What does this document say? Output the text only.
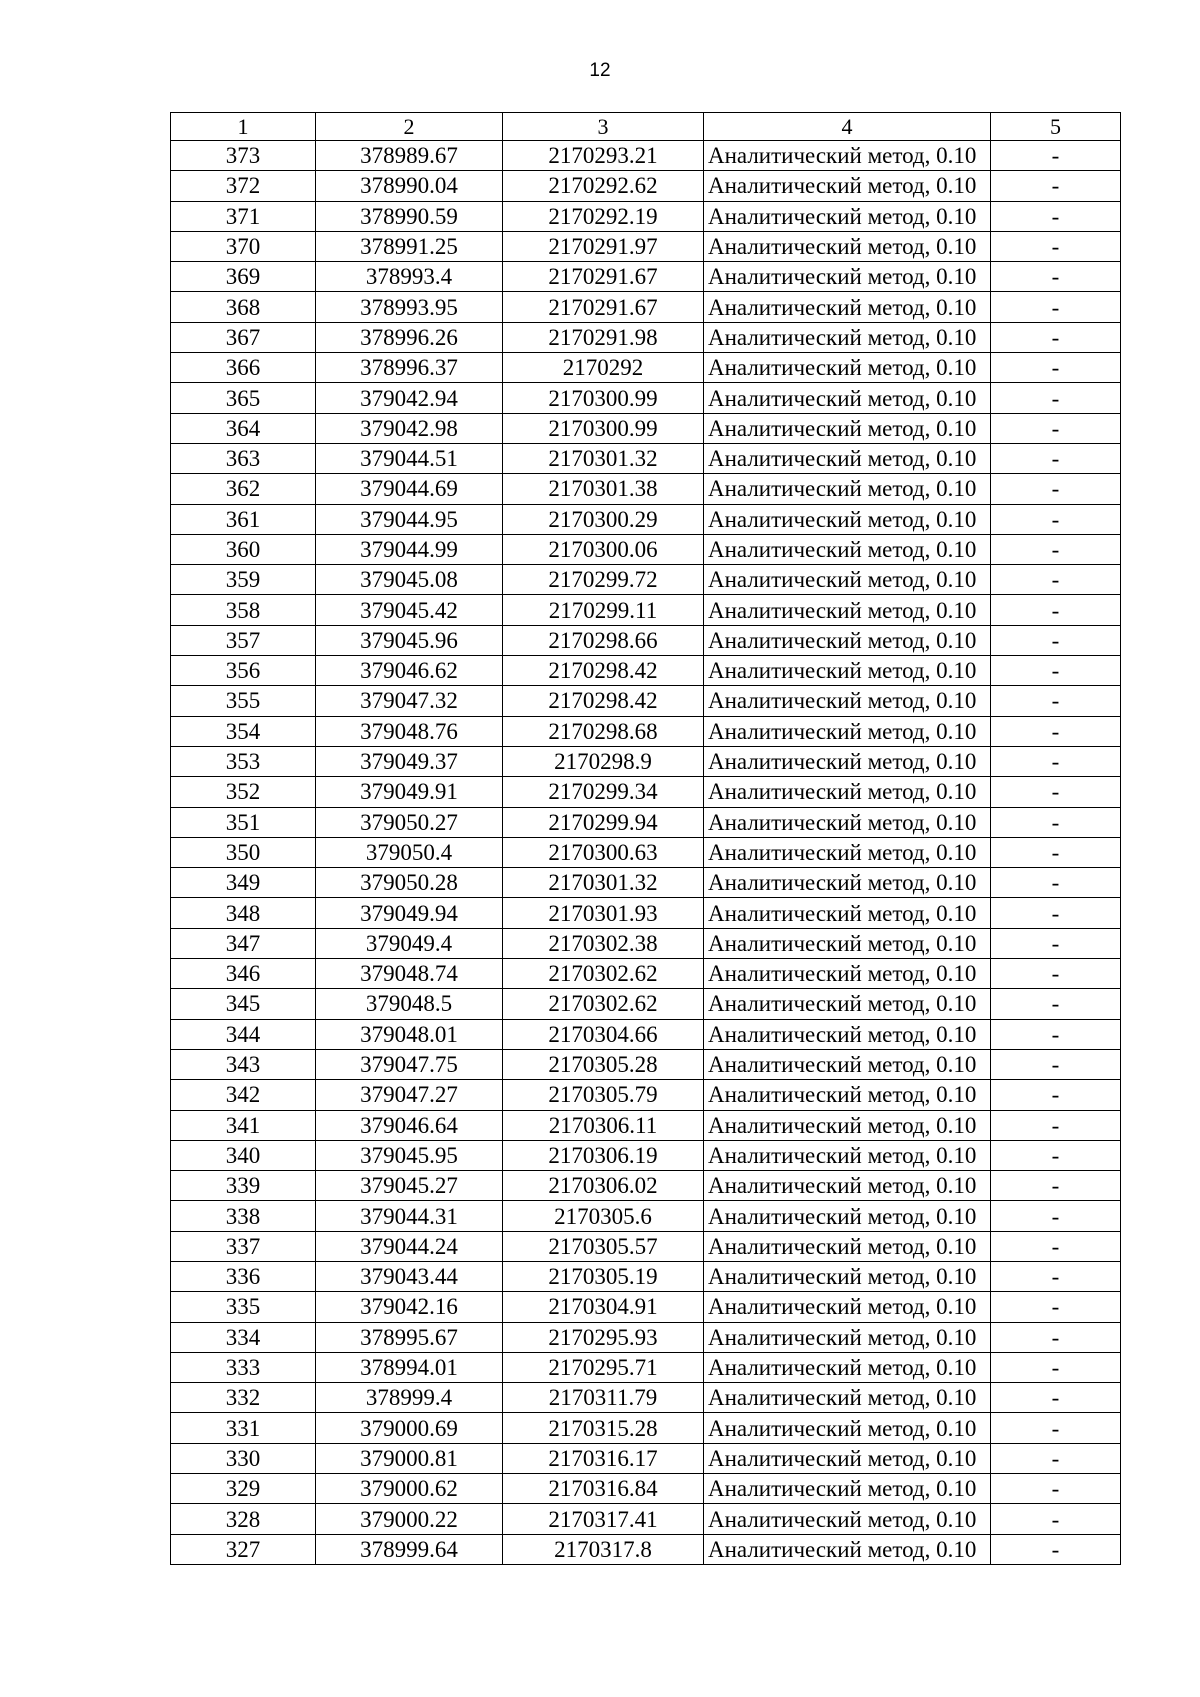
12
1	2	3	4	5
373	378989.67	2170293.21	Аналитический метод, 0.10	-
372	378990.04	2170292.62	Аналитический метод, 0.10	-
371	378990.59	2170292.19	Аналитический метод, 0.10	-
370	378991.25	2170291.97	Аналитический метод, 0.10	-
369	378993.4	2170291.67	Аналитический метод, 0.10	-
368	378993.95	2170291.67	Аналитический метод, 0.10	-
367	378996.26	2170291.98	Аналитический метод, 0.10	-
366	378996.37	2170292	Аналитический метод, 0.10	-
365	379042.94	2170300.99	Аналитический метод, 0.10	-
364	379042.98	2170300.99	Аналитический метод, 0.10	-
363	379044.51	2170301.32	Аналитический метод, 0.10	-
362	379044.69	2170301.38	Аналитический метод, 0.10	-
361	379044.95	2170300.29	Аналитический метод, 0.10	-
360	379044.99	2170300.06	Аналитический метод, 0.10	-
359	379045.08	2170299.72	Аналитический метод, 0.10	-
358	379045.42	2170299.11	Аналитический метод, 0.10	-
357	379045.96	2170298.66	Аналитический метод, 0.10	-
356	379046.62	2170298.42	Аналитический метод, 0.10	-
355	379047.32	2170298.42	Аналитический метод, 0.10	-
354	379048.76	2170298.68	Аналитический метод, 0.10	-
353	379049.37	2170298.9	Аналитический метод, 0.10	-
352	379049.91	2170299.34	Аналитический метод, 0.10	-
351	379050.27	2170299.94	Аналитический метод, 0.10	-
350	379050.4	2170300.63	Аналитический метод, 0.10	-
349	379050.28	2170301.32	Аналитический метод, 0.10	-
348	379049.94	2170301.93	Аналитический метод, 0.10	-
347	379049.4	2170302.38	Аналитический метод, 0.10	-
346	379048.74	2170302.62	Аналитический метод, 0.10	-
345	379048.5	2170302.62	Аналитический метод, 0.10	-
344	379048.01	2170304.66	Аналитический метод, 0.10	-
343	379047.75	2170305.28	Аналитический метод, 0.10	-
342	379047.27	2170305.79	Аналитический метод, 0.10	-
341	379046.64	2170306.11	Аналитический метод, 0.10	-
340	379045.95	2170306.19	Аналитический метод, 0.10	-
339	379045.27	2170306.02	Аналитический метод, 0.10	-
338	379044.31	2170305.6	Аналитический метод, 0.10	-
337	379044.24	2170305.57	Аналитический метод, 0.10	-
336	379043.44	2170305.19	Аналитический метод, 0.10	-
335	379042.16	2170304.91	Аналитический метод, 0.10	-
334	378995.67	2170295.93	Аналитический метод, 0.10	-
333	378994.01	2170295.71	Аналитический метод, 0.10	-
332	378999.4	2170311.79	Аналитический метод, 0.10	-
331	379000.69	2170315.28	Аналитический метод, 0.10	-
330	379000.81	2170316.17	Аналитический метод, 0.10	-
329	379000.62	2170316.84	Аналитический метод, 0.10	-
328	379000.22	2170317.41	Аналитический метод, 0.10	-
327	378999.64	2170317.8	Аналитический метод, 0.10	-
